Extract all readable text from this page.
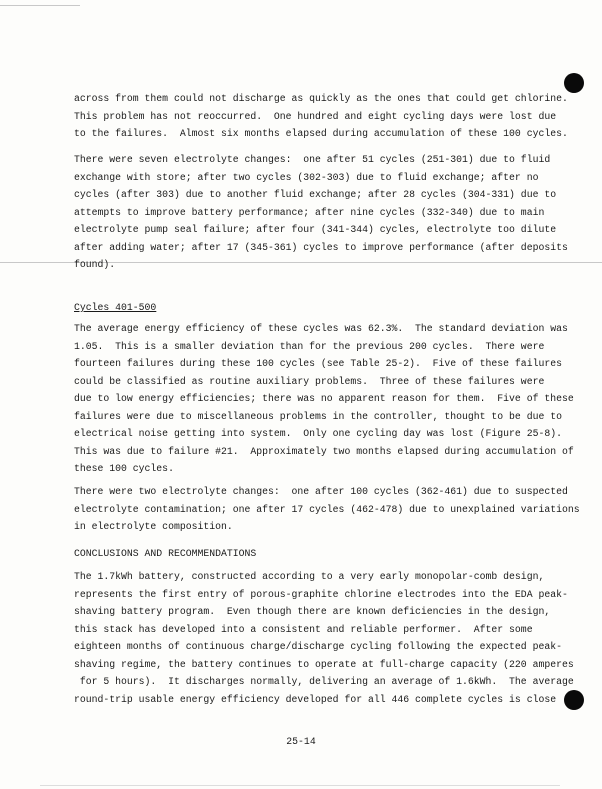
across from them could not discharge as quickly as the ones that could get chlorine.
This problem has not reoccurred.  One hundred and eight cycling days were lost due
to the failures.  Almost six months elapsed during accumulation of these 100 cycles.
There were seven electrolyte changes:  one after 51 cycles (251-301) due to fluid
exchange with store; after two cycles (302-303) due to fluid exchange; after no
cycles (after 303) due to another fluid exchange; after 28 cycles (304-331) due to
attempts to improve battery performance; after nine cycles (332-340) due to main
electrolyte pump seal failure; after four (341-344) cycles, electrolyte too dilute
after adding water; after 17 (345-361) cycles to improve performance (after deposits
found).
Cycles 401-500
The average energy efficiency of these cycles was 62.3%.  The standard deviation was
1.05.  This is a smaller deviation than for the previous 200 cycles.  There were
fourteen failures during these 100 cycles (see Table 25-2).  Five of these failures
could be classified as routine auxiliary problems.  Three of these failures were
due to low energy efficiencies; there was no apparent reason for them.  Five of these
failures were due to miscellaneous problems in the controller, thought to be due to
electrical noise getting into system.  Only one cycling day was lost (Figure 25-8).
This was due to failure #21.  Approximately two months elapsed during accumulation of
these 100 cycles.
There were two electrolyte changes:  one after 100 cycles (362-461) due to suspected
electrolyte contamination; one after 17 cycles (462-478) due to unexplained variations
in electrolyte composition.
CONCLUSIONS AND RECOMMENDATIONS
The 1.7kWh battery, constructed according to a very early monopolar-comb design,
represents the first entry of porous-graphite chlorine electrodes into the EDA peak-
shaving battery program.  Even though there are known deficiencies in the design,
this stack has developed into a consistent and reliable performer.  After some
eighteen months of continuous charge/discharge cycling following the expected peak-
shaving regime, the battery continues to operate at full-charge capacity (220 amperes
for 5 hours).  It discharges normally, delivering an average of 1.6kWh.  The average
round-trip usable energy efficiency developed for all 446 complete cycles is close
25-14
